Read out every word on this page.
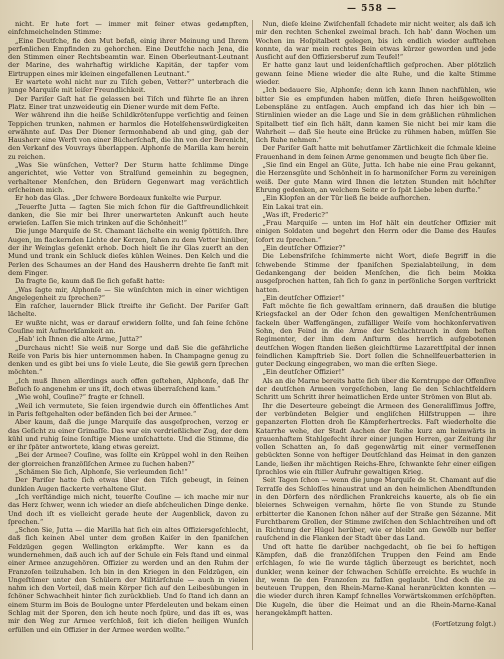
— 558 —

nicht. Er huͤte fort — immer mit feiner etwas gedaͤmpften, einfchmeichelnden Stimme:

„Eine Deutfche, fie den Mut befaß, einig ihrer Meinung und Ihrem perfoͤnlichen Empfinden zu gehorchen. Eine Deutfche nach Jena, die den Stimmen einer Rechtsbeamtin war. Einen Oberleutnant-Leutnant der Marine, des wahrhaftig wirkliche Kapitän, der tapfer vom Eirtruppen eines mir kleinen eingefallenen Leutnant.“

Er wartete wohl nicht nur zu Tiſch geben, Vetter?“ unterbrach die junge Marquiſe mit leiſer Freundlichkeit.

Der Pariſer Gaſt hat ſie gelassen bei Tiſch und führte ſie an ihren Platz. Einer trat unzweideutig ein Diener wurde mit dem Feſte.

Wer während ihn die heiße Schildkrötenſuppe verſichtig and ſeinen Teppichen trunken, nahmen er harmlos die Hotelſehenswürdigkeiten erwähnte auf. Das Der Diener ſermonhabend ab und ging, gab der Hausherr eine Werſt von einer Bücherſchaft, die ihn von der Berenicht, den Verkanf des Vouvrays überlappen. Alphonſe de Marilla kam herein zu reichen.

„Was Sie wünſchen, Vetter? Der Sturm hatte ſchlimme Dinge angerichtet, wie Vetter von Stralſund gemeinhin zu begegnen, verhaltener Menſchen, den Brüdern Gegenwart mag verächtlich erſcheinen mich.

Er hob das Glas. „Der ſchwere Bordeaux funkelte wie Purpur.

„Teuerſte Jutta — ſagten Sie mich ſchon für die Gaſtfreundlichkeit danken, die Sie mir bei Ihrer unerwarteten Ankunft auch heute erwieſen. Laſſen Sie mich trinken auf die Schönheit!“

Die junge Marquiſe de St. Chamant lächelte ein wenig ſpöttiſch. Ihre Augen, im flackernden Lichte der Kerzen, ſahen zu dem Vetter hinüber, der ihr Weinglas geſenkt erhob. Doch hielt ſie ihr Glas zuerſt an den Mund und trank ein Schluck dieſes kühlen Weines. Den Kelch und die Perlen des Schaumes an der Hand des Hausherrn drehte ſie ſanft mit dem Finger.

Da fragte ſie, kaum daß ſie ſich gefaßt hatte:

„Was ſagte mir, Alphonſe — Sie wünſchten mich in einer wichtigen Angelegenheit zu ſprechen?“

Ein raſcher, lauernder Blick ſtreifte ihr Geſicht. Der Pariſer Gaſt lächelte.

Er wußte nicht, was er darauf erwidern ſollte, und ſah ſeine ſchöne Couſine mit Aufmerkſamkeit an.

„Hab’ ich Ihnen die alte Arme, Jutta?“

„Durchaus nicht! Sie weiß nur Sorge und daß Sie die gefährliche Reiſe von Paris bis hier unternommen haben. In Champagne genug zu denken und es gibt bei uns ſo viele Leute, die Sie gewiß gern ſprechen möchten.“

„Ich muß Ihnen allerdings auch offen geſtehen, Alphonſe, daß Ihr Beſuch ſo angenehm er uns iſt, doch etwas überraſchend kam.“

„Wie wohl, Couſine?“ fragte er ſchnell.

„Weil ich vermutete, Sie ſeien irgendwie durch ein öffentliches Amt in Paris feſtgehalten oder befänden ſich bei der Armee.“

Aber kaum, daß die junge Marquiſe das ausgeſprochen, verzog er das Geſicht zu einer Grimaſſe. Das war ein verdrießlicher Zug, der dem kühl und ruhig ſeine ſonſtige Miene umſchattete. Und die Stimme, die er ihr ſpäter antwortete, klang etwas gereizt.

„Bei der Armee? Couſine, was ſollte ein Krüppel wohl in den Reihen der glorreichen franzöſiſchen Armee zu ſuchen haben?“

„Schämen Sie ſich, Alphonſe, Sie verleumden ſich!“

Der Pariſer hatte ſich etwas über den Tiſch gebeugt, in ſeinen dunklen Augen flackerte verhaltene Glut.

„Ich verſtändige mich nicht, teuerſte Couſine — ich mache mir nur das Herz ſchwer, wenn ich wieder an dieſe abſcheulichen Dinge denke. Und doch iſt es vielleicht gerade heute der Augenblick, davon zu ſprechen.“

„Schon Sie, Jutta — die Marilla hat ſich ein altes Offiziersgeſchlecht, daß ſich keinen Abel unter dem großen Kaiſer in den ſpaniſchen Feldzügen gegen Wellington erkämpfte. Wer kann es da wundernehmen, daß auch ich auf der Schule ein Fels ſtand und einmal einer Armee anzugehören. Offizier zu werden und an den Ruhm der Franzoſen teilzuhaben. Ich bin in den Kriegen in den Feldzügen, ein Ungeſtümer unter den Schülern der Militärſchule — auch in vielen nahm ich den Vorteil, daß mein Körper ſich auf den Leibesübungen in ſchöner Schwachheit hinter ſich zurückblieb. Und ſo ſtand ich dann an einem Sturm im Bois de Boulogne unter Pferdeleuten und bekam einen Schlag mit der Sporen, den ich heute noch ſpüre, und das iſt es, was mir den Weg zur Armee verſchloß, ſeit ich dieſen heiligen Wunſch erfüllen und ein Offizier in der Armee werden wollte.“

Nun, dieſe kleine Zwiſchenfall ſchadete mir nicht weiter, als daß ich mir den rechten Schenkel zweimal brach. Ich hab’ dann Wochen um Wochen im Hoſpitalbett gelegen, bis ich endlich wieder aufſtehen konnte, da war mein rechtes Bein etwas kürzer geworden und jede Ausſicht auf den Offiziersberuf zum Teufel!“

Er hatte ganz laut und leidenſchaftlich geſprochen. Aber plötzlich gewann ſeine Miene wieder die alte Ruhe, und die kalte Stimme wieder.

„Ich bedauere Sie, Alphonſe; denn ich kann Ihnen nachfühlen, wie bitter Sie es empfunden haben müſſen, dieſe Ihren heißgewollten Lebenspläne zu entſagen. Auch empfand ich das hier ich bin — Stirnlinien wieder an die Lage und Sie in dem gräßlichen rühmlichen Spitalbett tief ein ſich hält, dann kamen Sie nicht bei mir kam die Wahrheit — daß Sie heute eine Brücke zu rühmen haben, müſſen Sie ſich Ruhe nehmen.“

Der Pariſer Gaſt hatte mit behutſamer Zärtlichkeit die ſchmale kleine Frauenhand in dem ſeinen Arme genommen und beugte ſich über ſie.

„Sie ſind ein Engel an Güte, Jutta. Ich habe nie eine Frau gekannt, die Herzensgüte und Schönheit in ſo harmoniſcher Form zu vereinigen weiß. Der gute Mann wird Ihnen die letzten Stunden mit höchſter Ehrung gedenken, an welchem Seite er ſo ſpät Liebe leben durfte.“

„Ein Klopfen an der Tür ließ ſie beide aufhorchen.

Ein Lakai trat ein.

„Was iſt, Frederic?“

„Frau Marquiſe — unten im Hof hält ein deutſcher Offizier mit einigen Soldaten und begehrt den Herrn oder die Dame des Hauſes ſofort zu ſprechen.“

„Ein deutſcher Offizier?“

Die Lebensfriſche ſchimmerte nicht Wort, dieſe Begriff in die ſchwebende Stimme der ſpaniſchen Spezialabteilung, in dem Gedankengang der beiden Menſchen, die ſich beim Mokka ausgeſprochen hatten, ſah ſich ſo ganz in perſönliche Sorgen verſtrickt hatten.

„Ein deutſcher Offizier!“

Faſt möchte ſie ſich gewaltſam erinnern, daß draußen die blutige Kriegsfackel an der Oder ſchon den gewaltigen Menſchenträumen fackeln über Waffengängen, zufälliger Weiſe vom hochkonſervativen Sohn, den Feind in die Arme der Schlachtrauch in dem beſten Regimenter, der ihm dem Anſturm des herrlich aufgebotenen deutſchen Wogen ſtanden ließen gleichſtürme Lazarettſpital der innen feindlichen Kampftrieb Sie. Dort ſollen die Schnellfeuerbatterien in guter Deckung eingegraben, wo man die erſten Siege.

„Ein deutſcher Offizier!“

Als an die Marne bereits hatte ſich über die Kerntruppe der Offenſive der deutſchen Armeen vorgeſchoben, lang ſie den Schlachtfeldern Schritt um Schritt ihrer heimatlichen Erde unter Strömen von Blut ab.

Ihr die Deserteure gebeingt die Armeen des Generaliſſimus Joffre, der verbündeten Belgier und engliſchen Hilfstruppen — ihre gepanzerten Flotten droh ſie Kämpferhertrecks. Faſt wiederholte die Katarrhe wehe, der Stadt Aachen der Reihe kurz am heimwärts in grauenhaftem Stahlgefecht ihrer einer jungen Herren, gar Zeitung ihr vollen Schatten an, ſo daß gegenwärtig mit einer vermeſſenen gebückten Sonne von heftiger Deutſchland das Heimat in den ganzen Lande, ließen ihr mächtigen Reichs-Ehre, ſchwankte ſehr einer eiſigen ſprachlos wie ein ſtiller Aufruhr gewaltigen Krieg.

Seit Tagen ſchon — wenn die junge Marquiſe de St. Chamant auf die Terraſſe des Schloſſes hinaustrat und an den heimlichen Abendſtunden in den Dörfern des nördlichen Frankreichs kauerte, als ob ſie ein bleiernes Schweigen vernahm, hörte ſie von Stunde zu Stunde erbitterter die Kanonen ſchon näher auf der Straße gen Sézanne. Mit Furchtbarem Grollen, der Stimme zwiſchen den Schlachtreihen und oft in Richtung der Hügel herüber, wie er bleibt am Gewölb nur beſſer rauſchend in die Flanken der Stadt über das Land.

Und oft hatte ſie darüber nachgedacht, ob ſie bei ſo heftigen Kämpfen, daß die franzöſiſchen Truppen den Feind am Ende erſchlagen, ſo wie ſie wurde täglich überzeugt es berichtet, noch dunkler, wenn keiner der ſchwachen Schüſſe erreichte. Es wuchſe in ihr, wenn ſie den Franzoſen zu faſſen geglaubt. Und doch die zu beuteuen Truppen, den Rhein-Marne-Kanal heranrückten konnten — die wieder durch ihren Kampf ſchnelles Vorwärtskommen erſchöpften. Die Kugeln, die über die Heimat und an die Rhein-Marne-Kanal herangekämpft hatten.

(Fortſetzung folgt.)
